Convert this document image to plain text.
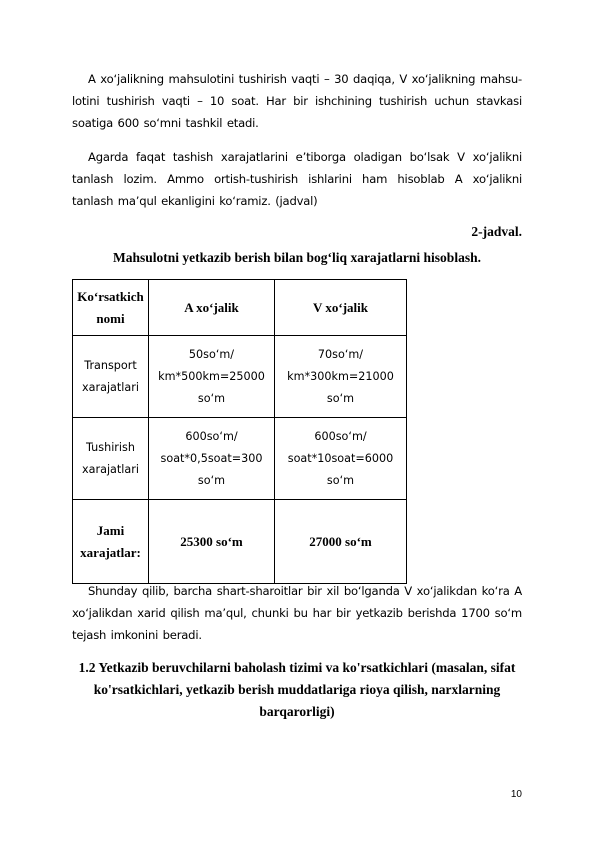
A xo‘jalikning mahsulotini tushirish vaqti – 30 daqiqa, V xo‘jalikning mahsu-lotini tushirish vaqti – 10 soat. Har bir ishchining tushirish uchun stavkasi soatiga 600 so‘mni tashkil etadi.

Agarda faqat tashish xarajatlarini e’tiborga oladigan bo‘lsak V xo‘jalikni tanlash lozim. Ammo ortish-tushirish ishlarini ham hisoblab A xo‘jalikni tanlash ma’qul ekanligini ko‘ramiz. (jadval)

2-jadval.
Mahsulotni yetkazib berish bilan bog‘liq xarajatlarni hisoblash.
Ko‘rsatkich nomi	A xo‘jalik	V xo‘jalik
Transport xarajatlari	50so‘m/ km*500km=25000 so‘m	70so‘m/ km*300km=21000 so‘m
Tushirish xarajatlari	600so‘m/ soat*0,5soat=300 so‘m	600so‘m/ soat*10soat=6000 so‘m
Jami xarajatlar:	25300 so‘m	27000 so‘m

Shunday qilib, barcha shart-sharoitlar bir xil bo‘lganda V xo‘jalikdan ko‘ra A xo‘jalikdan xarid qilish ma’qul, chunki bu har bir yetkazib berishda 1700 so‘m tejash imkonini beradi.

1.2 Yetkazib beruvchilarni baholash tizimi va ko'rsatkichlari (masalan, sifat ko'rsatkichlari, yetkazib berish muddatlariga rioya qilish, narxlarning barqarorligi)
10
